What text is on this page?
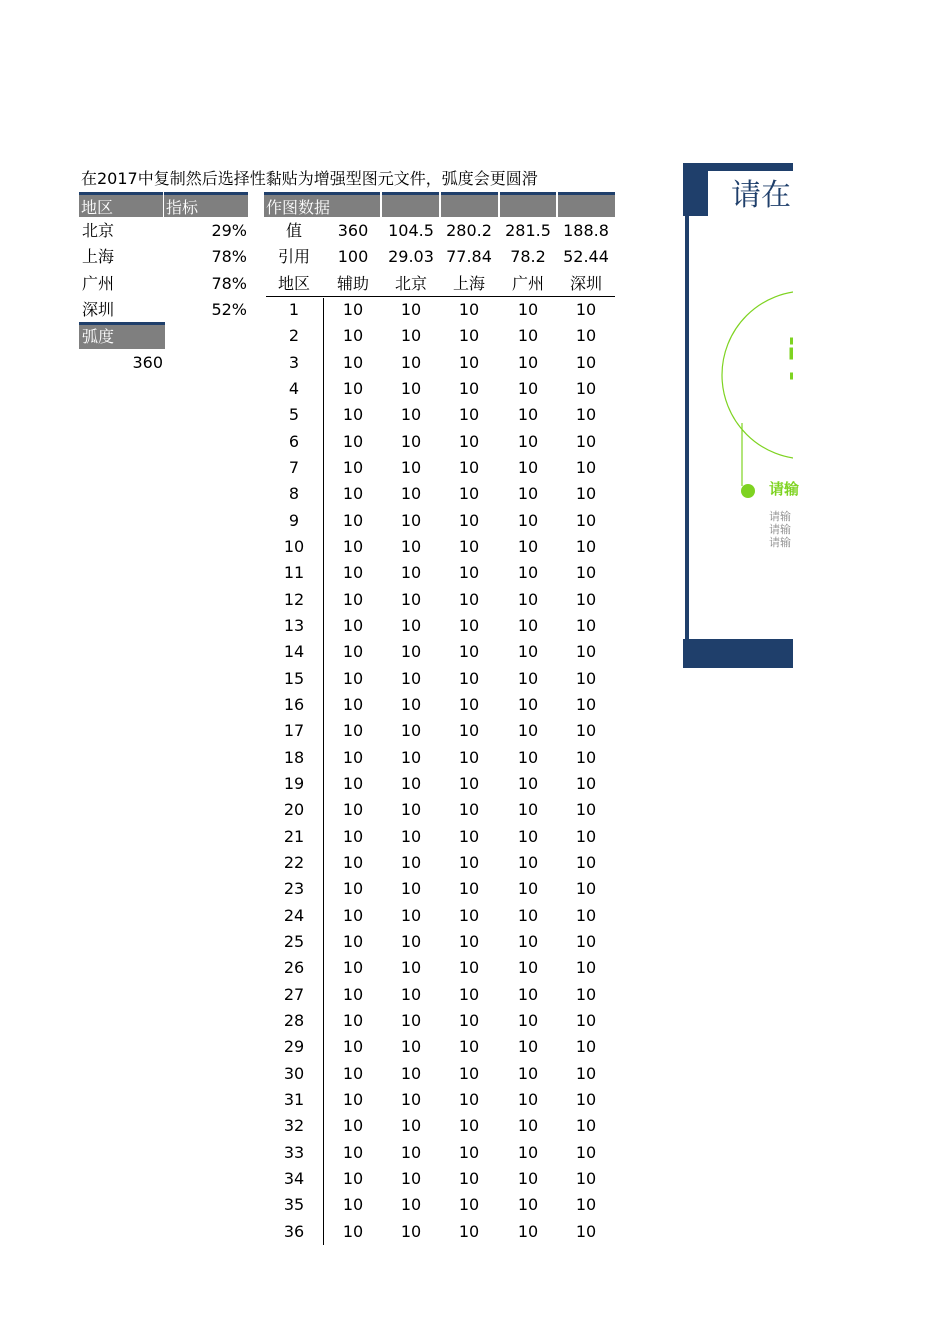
在2017中复制然后选择性黏贴为增强型图元文件，弧度会更圆滑
地区	指标
北京	29%
上海	78%
广州	78%
深圳	52%
弧度
360
作图数据
值	360	104.5 280.2 281.5 188.8
引用	100	29.03 77.84	78.2	52.44
地区	辅助	北京	上海	广州	深圳
1	10	10	10	10	10
2	10	10	10	10	10
3	10	10	10	10	10
4	10	10	10	10	10
5	10	10	10	10	10
6	10	10	10	10	10
7	10	10	10	10	10
8	10	10	10	10	10
9	10	10	10	10	10
10	10	10	10	10	10
11	10	10	10	10	10
12	10	10	10	10	10
13	10	10	10	10	10
14	10	10	10	10	10
15	10	10	10	10	10
16	10	10	10	10	10
17	10	10	10	10	10
18	10	10	10	10	10
19	10	10	10	10	10
20	10	10	10	10	10
21	10	10	10	10	10
22	10	10	10	10	10
23	10	10	10	10	10
24	10	10	10	10	10
25	10	10	10	10	10
26	10	10	10	10	10
27	10	10	10	10	10
28	10	10	10	10	10
29	10	10	10	10	10
30	10	10	10	10	10
31	10	10	10	10	10
32	10	10	10	10	10
33	10	10	10	10	10
34	10	10	10	10	10
35	10	10	10	10	10
36	10	10	10	10	10
请在
请输
请输
请输
请输
